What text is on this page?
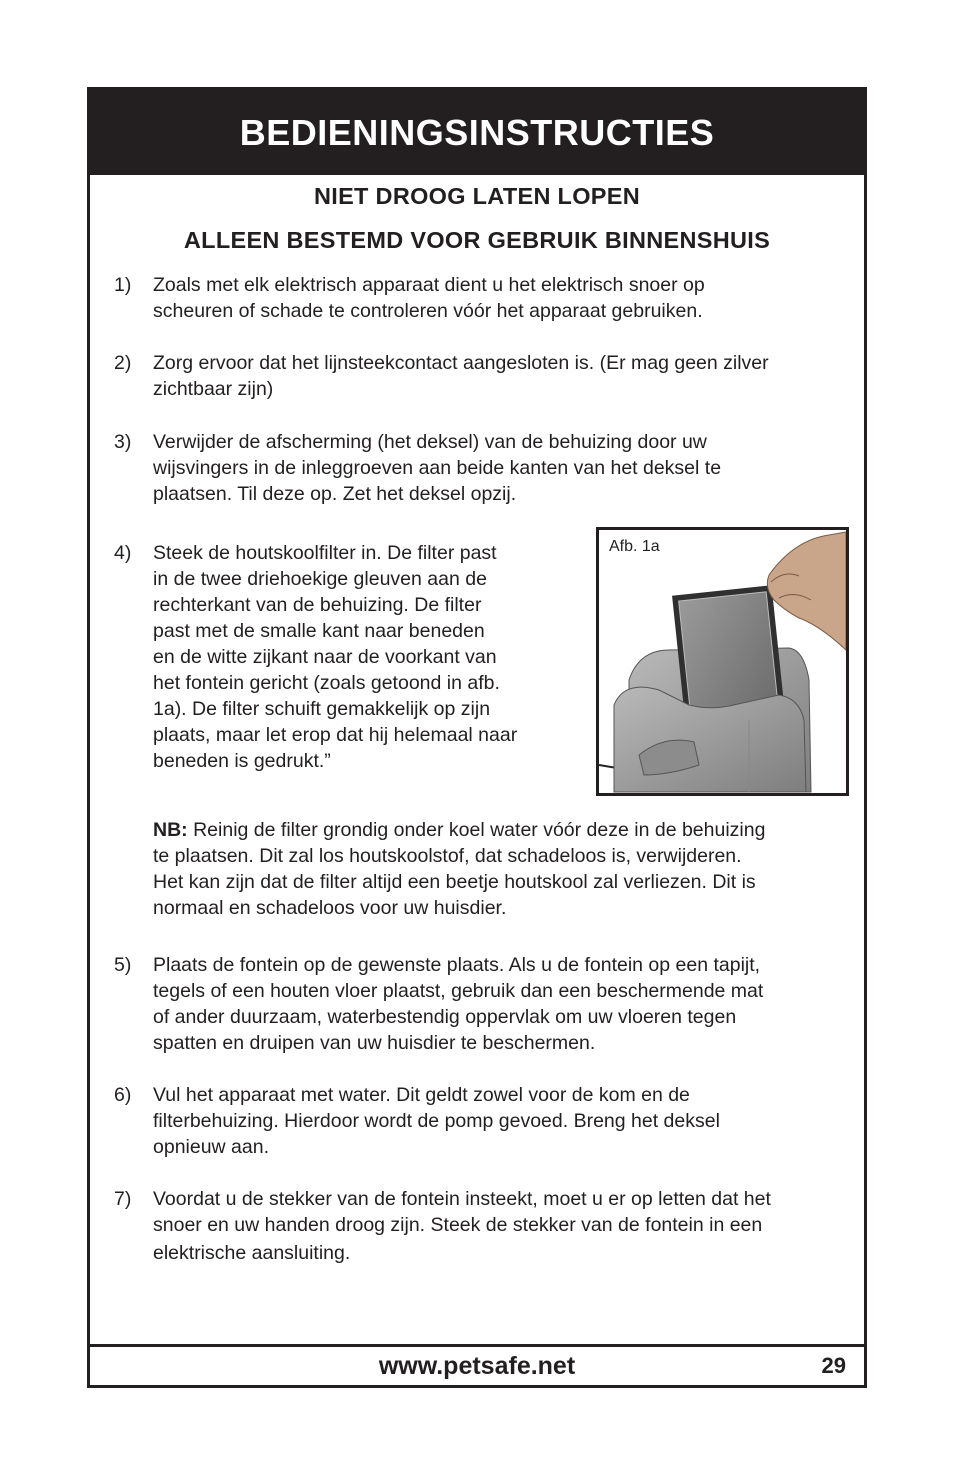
BEDIENINGSINSTRUCTIES
NIET DROOG LATEN LOPEN
ALLEEN BESTEMD VOOR GEBRUIK BINNENSHUIS
1) Zoals met elk elektrisch apparaat dient u het elektrisch snoer op
scheuren of schade te controleren vóór het apparaat gebruiken.
2) Zorg ervoor dat het lijnsteekcontact aangesloten is. (Er mag geen zilver
zichtbaar zijn)
3) Verwijder de afscherming (het deksel) van de behuizing door uw
wijsvingers in de inleggroeven aan beide kanten van het deksel te
plaatsen. Til deze op. Zet het deksel opzij.
4) Steek de houtskoolfilter in. De filter past
in de twee driehoekige gleuven aan de
rechterkant van de behuizing. De filter
past met de smalle kant naar beneden
en de witte zijkant naar de voorkant van
het fontein gericht (zoals getoond in afb.
1a). De filter schuift gemakkelijk op zijn
plaats, maar let erop dat hij helemaal naar
beneden is gedrukt.”
Afb. 1a
NB: Reinig de filter grondig onder koel water vóór deze in de behuizing
te plaatsen. Dit zal los houtskoolstof, dat schadeloos is, verwijderen.
Het kan zijn dat de filter altijd een beetje houtskool zal verliezen. Dit is
normaal en schadeloos voor uw huisdier.
5) Plaats de fontein op de gewenste plaats. Als u de fontein op een tapijt,
tegels of een houten vloer plaatst, gebruik dan een beschermende mat
of ander duurzaam, waterbestendig oppervlak om uw vloeren tegen
spatten en druipen van uw huisdier te beschermen.
6) Vul het apparaat met water. Dit geldt zowel voor de kom en de
filterbehuizing. Hierdoor wordt de pomp gevoed. Breng het deksel
opnieuw aan.
7) Voordat u de stekker van de fontein insteekt, moet u er op letten dat het
snoer en uw handen droog zijn. Steek de stekker van de fontein in een
elektrische aansluiting.
www.petsafe.net	29
